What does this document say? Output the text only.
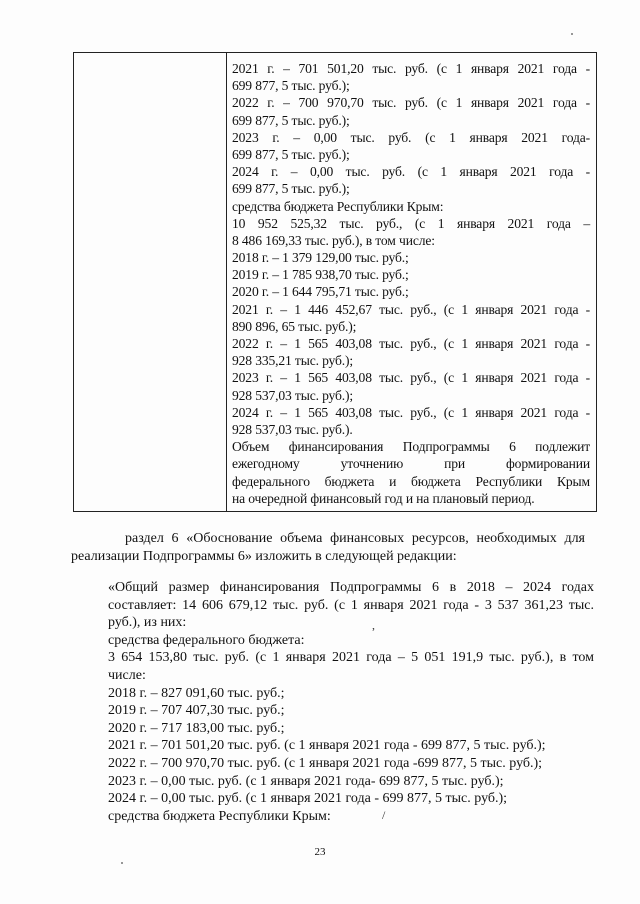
2021 г. – 701 501,20 тыс. руб. (с 1 января 2021 года -
699 877, 5 тыс. руб.);
2022 г. – 700 970,70 тыс. руб. (с 1 января 2021 года -
699 877, 5 тыс. руб.);
2023 г. – 0,00 тыс. руб. (с 1 января 2021 года-
699 877, 5 тыс. руб.);
2024 г. – 0,00 тыс. руб. (с 1 января 2021 года -
699 877, 5 тыс. руб.);
средства бюджета Республики Крым:
10 952 525,32 тыс. руб., (с 1 января 2021 года –
8 486 169,33 тыс. руб.), в том числе:
2018 г. – 1 379 129,00 тыс. руб.;
2019 г. – 1 785 938,70 тыс. руб.;
2020 г. – 1 644 795,71 тыс. руб.;
2021 г. – 1 446 452,67 тыс. руб., (с 1 января 2021 года -
890 896, 65 тыс. руб.);
2022 г. – 1 565 403,08 тыс. руб., (с 1 января 2021 года -
928 335,21 тыс. руб.);
2023 г. – 1 565 403,08 тыс. руб., (с 1 января 2021 года -
928 537,03 тыс. руб.);
2024 г. – 1 565 403,08 тыс. руб., (с 1 января 2021 года -
928 537,03 тыс. руб.).
Объем финансирования Подпрограммы 6 подлежит
ежегодному уточнению при формировании
федерального бюджета и бюджета Республики Крым
на очередной финансовый год и на плановый период.
раздел 6 «Обоснование объема финансовых ресурсов, необходимых для
реализации Подпрограммы 6» изложить в следующей редакции:
«Общий размер финансирования Подпрограммы 6 в 2018 – 2024 годах
составляет: 14 606 679,12 тыс. руб. (с 1 января 2021 года - 3 537 361,23 тыс.
руб.), из них:
средства федерального бюджета:
3 654 153,80 тыс. руб. (с 1 января 2021 года – 5 051 191,9 тыс. руб.), в том
числе:
2018 г. – 827 091,60 тыс. руб.;
2019 г. – 707 407,30 тыс. руб.;
2020 г. – 717 183,00 тыс. руб.;
2021 г. – 701 501,20 тыс. руб. (с 1 января 2021 года - 699 877, 5 тыс. руб.);
2022 г. – 700 970,70 тыс. руб. (с 1 января 2021 года -699 877, 5 тыс. руб.);
2023 г. – 0,00 тыс. руб. (с 1 января 2021 года- 699 877, 5 тыс. руб.);
2024 г. – 0,00 тыс. руб. (с 1 января 2021 года - 699 877, 5 тыс. руб.);
средства бюджета Республики Крым:
23
,
/
